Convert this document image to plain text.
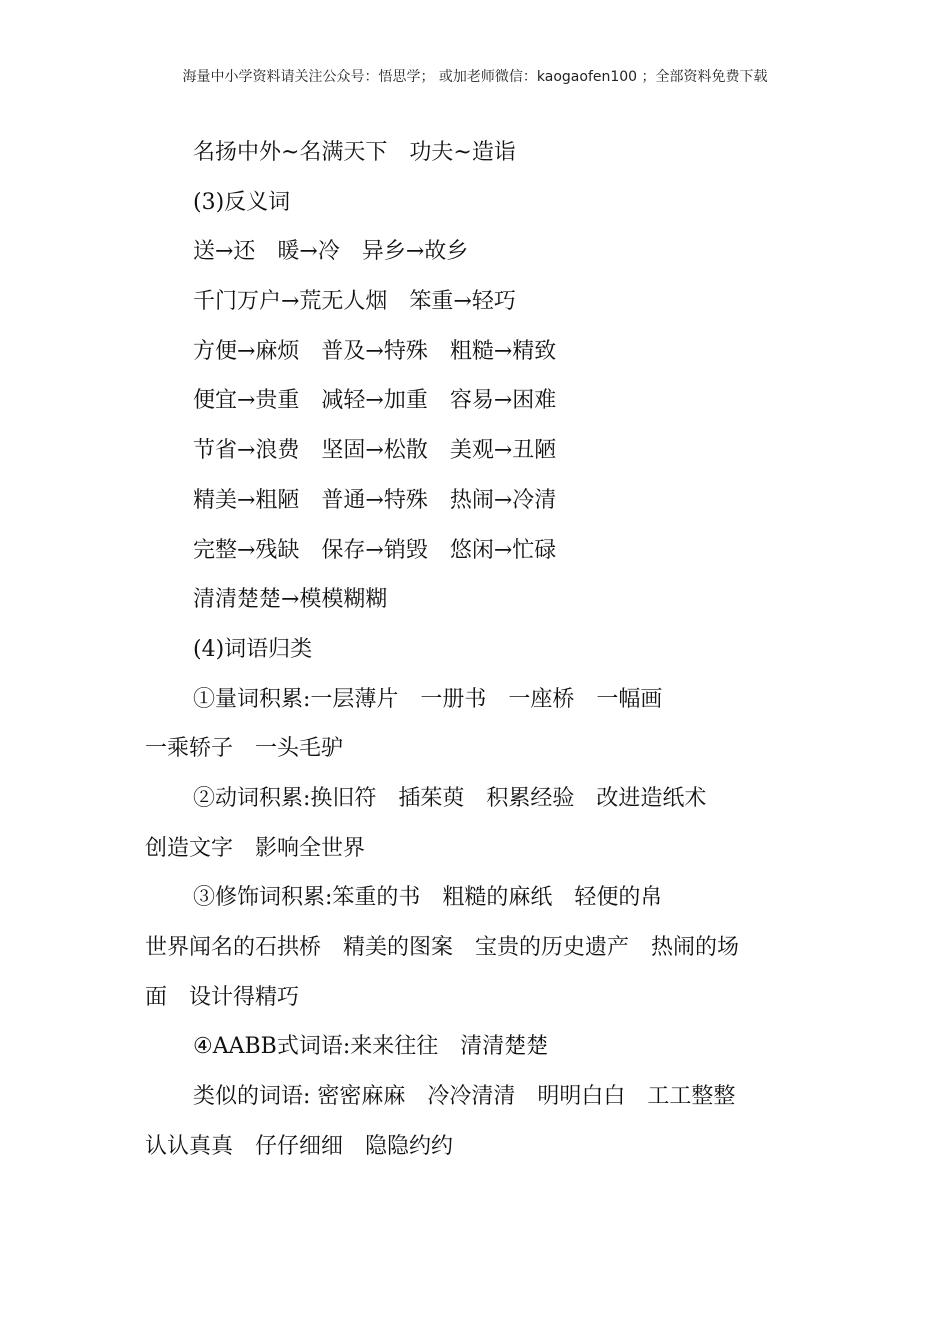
海量中小学资料请关注公众号：悟思学； 或加老师微信：kaogaofen100 ；全部资料免费下载
名扬中外~名满天下　功夫~造诣
(3)反义词
送→还　暖→冷　异乡→故乡
千门万户→荒无人烟　笨重→轻巧
方便→麻烦　普及→特殊　粗糙→精致
便宜→贵重　减轻→加重　容易→困难
节省→浪费　坚固→松散　美观→丑陋
精美→粗陋　普通→特殊　热闹→冷清
完整→残缺　保存→销毁　悠闲→忙碌
清清楚楚→模模糊糊
(4)词语归类
①量词积累:一层薄片　一册书　一座桥　一幅画
一乘轿子　一头毛驴
②动词积累:换旧符　插茱萸　积累经验　改进造纸术
创造文字　影响全世界
③修饰词积累:笨重的书　粗糙的麻纸　轻便的帛
世界闻名的石拱桥　精美的图案　宝贵的历史遗产　热闹的场
面　设计得精巧
④AABB式词语:来来往往　清清楚楚
类似的词语: 密密麻麻　冷冷清清　明明白白　工工整整
认认真真　仔仔细细　隐隐约约
